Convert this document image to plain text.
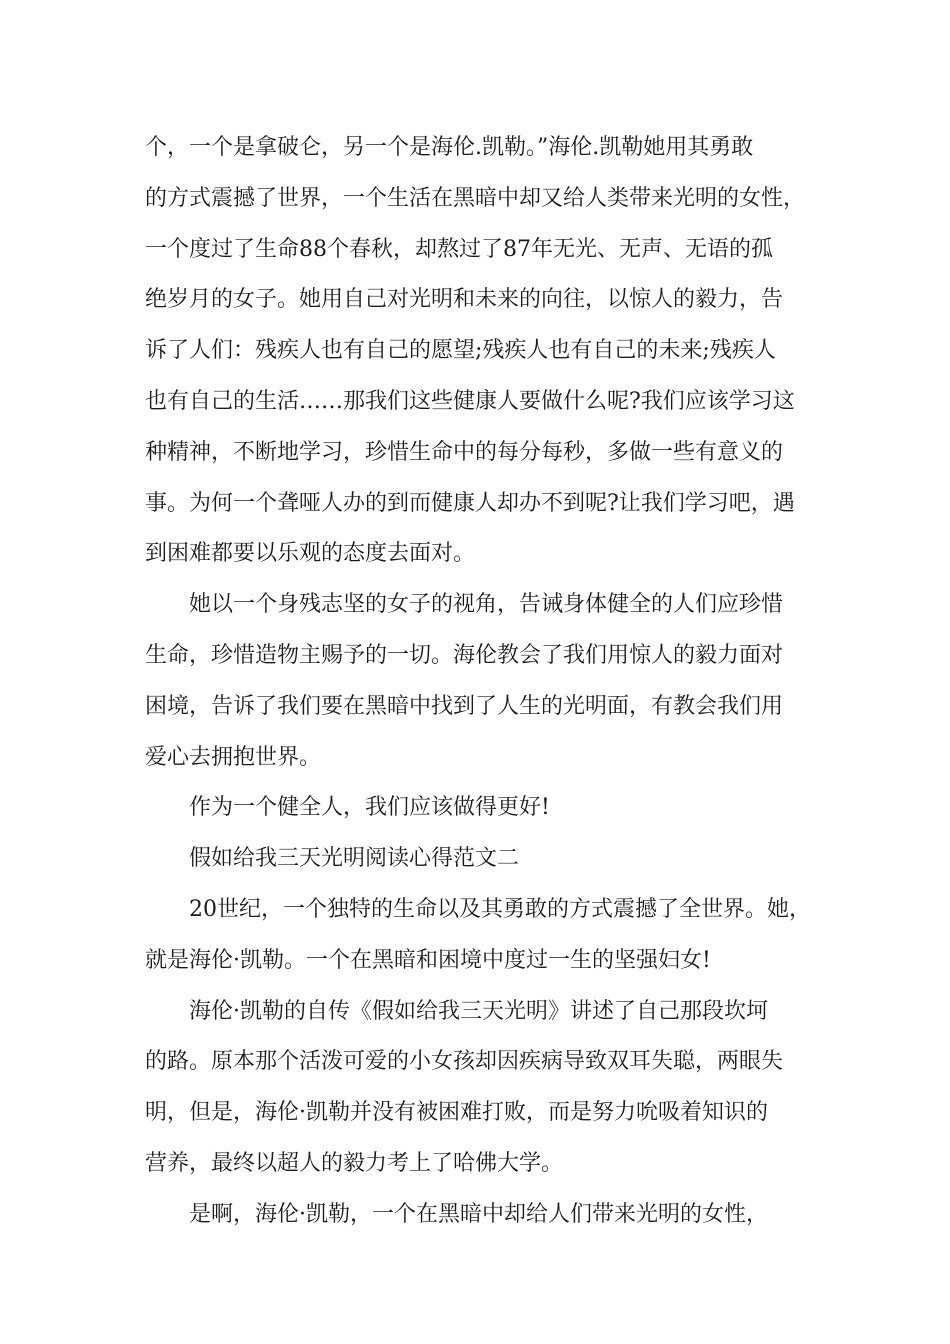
个，一个是拿破仑，另一个是海伦.凯勒。”海伦.凯勒她用其勇敢
的方式震撼了世界，一个生活在黑暗中却又给人类带来光明的女性，
一个度过了生命88个春秋，却熬过了87年无光、无声、无语的孤
绝岁月的女子。她用自己对光明和未来的向往，以惊人的毅力，告
诉了人们：残疾人也有自己的愿望;残疾人也有自己的未来;残疾人
也有自己的生活……那我们这些健康人要做什么呢?我们应该学习这
种精神，不断地学习，珍惜生命中的每分每秒，多做一些有意义的
事。为何一个聋哑人办的到而健康人却办不到呢?让我们学习吧，遇
到困难都要以乐观的态度去面对。
她以一个身残志坚的女子的视角，告诫身体健全的人们应珍惜
生命，珍惜造物主赐予的一切。海伦教会了我们用惊人的毅力面对
困境，告诉了我们要在黑暗中找到了人生的光明面，有教会我们用
爱心去拥抱世界。
作为一个健全人，我们应该做得更好!
假如给我三天光明阅读心得范文二
20世纪，一个独特的生命以及其勇敢的方式震撼了全世界。她，
就是海伦·凯勒。一个在黑暗和困境中度过一生的坚强妇女!
海伦·凯勒的自传《假如给我三天光明》讲述了自己那段坎坷
的路。原本那个活泼可爱的小女孩却因疾病导致双耳失聪，两眼失
明，但是，海伦·凯勒并没有被困难打败，而是努力吮吸着知识的
营养，最终以超人的毅力考上了哈佛大学。
是啊，海伦·凯勒，一个在黑暗中却给人们带来光明的女性，
